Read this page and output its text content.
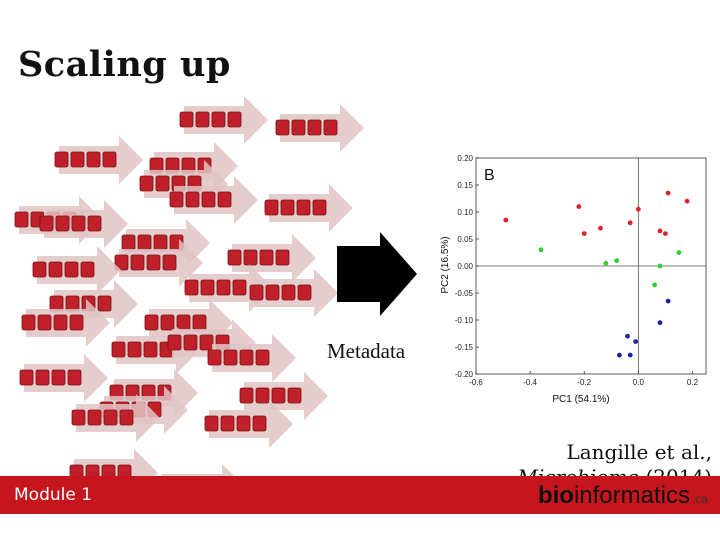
Scaling up
Metadata
-0.6	-0.4	-0.2	0.0	0.2
0.20
0.15
0.10
0.05
0.00
-0.05
-0.10
-0.15
-0.20
B
PC1 (54.1%)
PC2 (16.5%)
Langille et al.,
Module 1	bioinformatics .ca
